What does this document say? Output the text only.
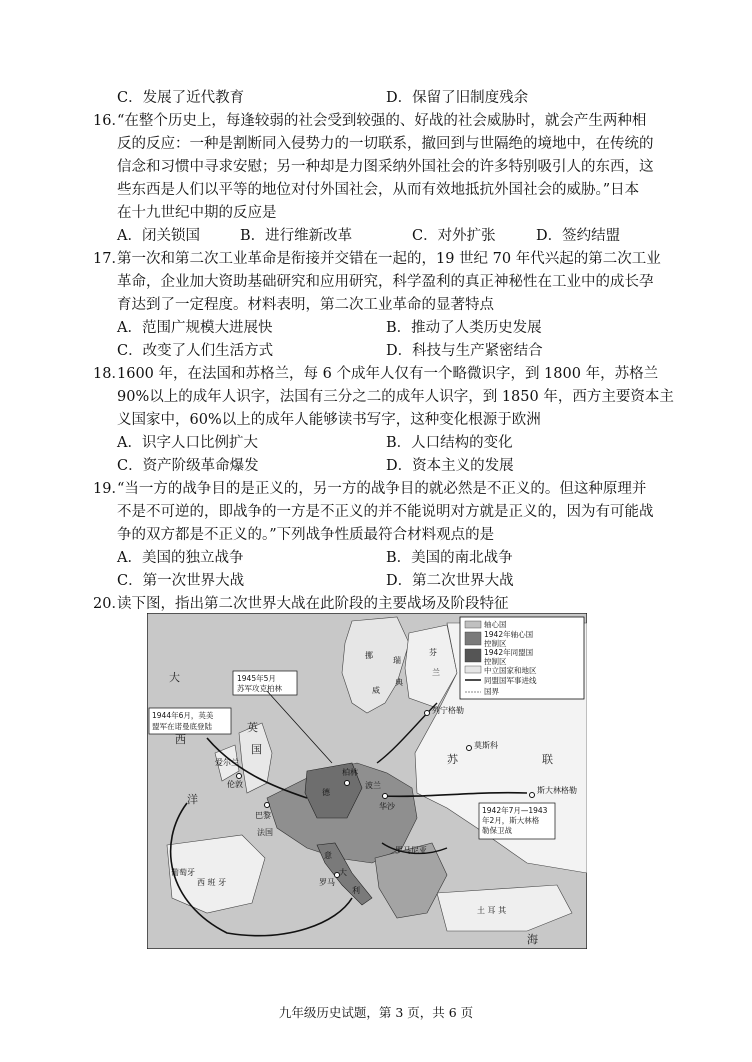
C．发展了近代教育	D．保留了旧制度残余
16．
“在整个历史上，每逢较弱的社会受到较强的、好战的社会威胁时，就会产生两种相
反的反应：一种是割断同入侵势力的一切联系，撤回到与世隔绝的境地中，在传统的
信念和习惯中寻求安慰；另一种却是力图采纳外国社会的许多特别吸引人的东西，这
些东西是人们以平等的地位对付外国社会，从而有效地抵抗外国社会的威胁。”日本
在十九世纪中期的反应是
A．闭关锁国	B．进行维新改革	C．对外扩张	D．签约结盟
17．
第一次和第二次工业革命是衔接并交错在一起的，19 世纪 70 年代兴起的第二次工业
革命，企业加大资助基础研究和应用研究，科学盈利的真正神秘性在工业中的成长孕
育达到了一定程度。材料表明，第二次工业革命的显著特点
A．范围广规模大进展快	B．推动了人类历史发展
C．改变了人们生活方式	D．科技与生产紧密结合
18．
1600 年，在法国和苏格兰，每 6 个成年人仅有一个略微识字，到 1800 年，苏格兰
90%以上的成年人识字，法国有三分之二的成年人识字，到 1850 年，西方主要资本主
义国家中，60%以上的成年人能够读书写字，这种变化根源于欧洲
A．识字人口比例扩大	B．人口结构的变化
C．资产阶级革命爆发	D．资本主义的发展
19．
“当一方的战争目的是正义的，另一方的战争目的就必然是不正义的。但这种原理并
不是不可逆的，即战争的一方是不正义的并不能说明对方就是正义的，因为有可能战
争的双方都是不正义的。”下列战争性质最符合材料观点的是
A．美国的独立战争	B．美国的南北战争
C．第一次世界大战	D．第二次世界大战
20．
读下图，指出第二次世界大战在此阶段的主要战场及阶段特征
轴心国
1942年轴心国
控制区
1942年同盟国
控制区
中立国家和地区
同盟国军事进线
国界
1945年5月
苏军攻克柏林
1944年6月，英美
盟军在诺曼底登陆
1942年7月—1943
年2月，斯大林格
勒保卫战
大
西
洋
海
爱尔兰
英
国
伦敦
巴黎
法国
葡萄牙
西 班 牙
德
柏林
波兰
华沙
列宁格勒
莫斯科
苏	联
斯大林格勒
挪
威
瑞
典
芬
兰
意
大
利
罗马
罗马尼亚
土 耳 其
九年级历史试题，第 3 页，共 6 页
